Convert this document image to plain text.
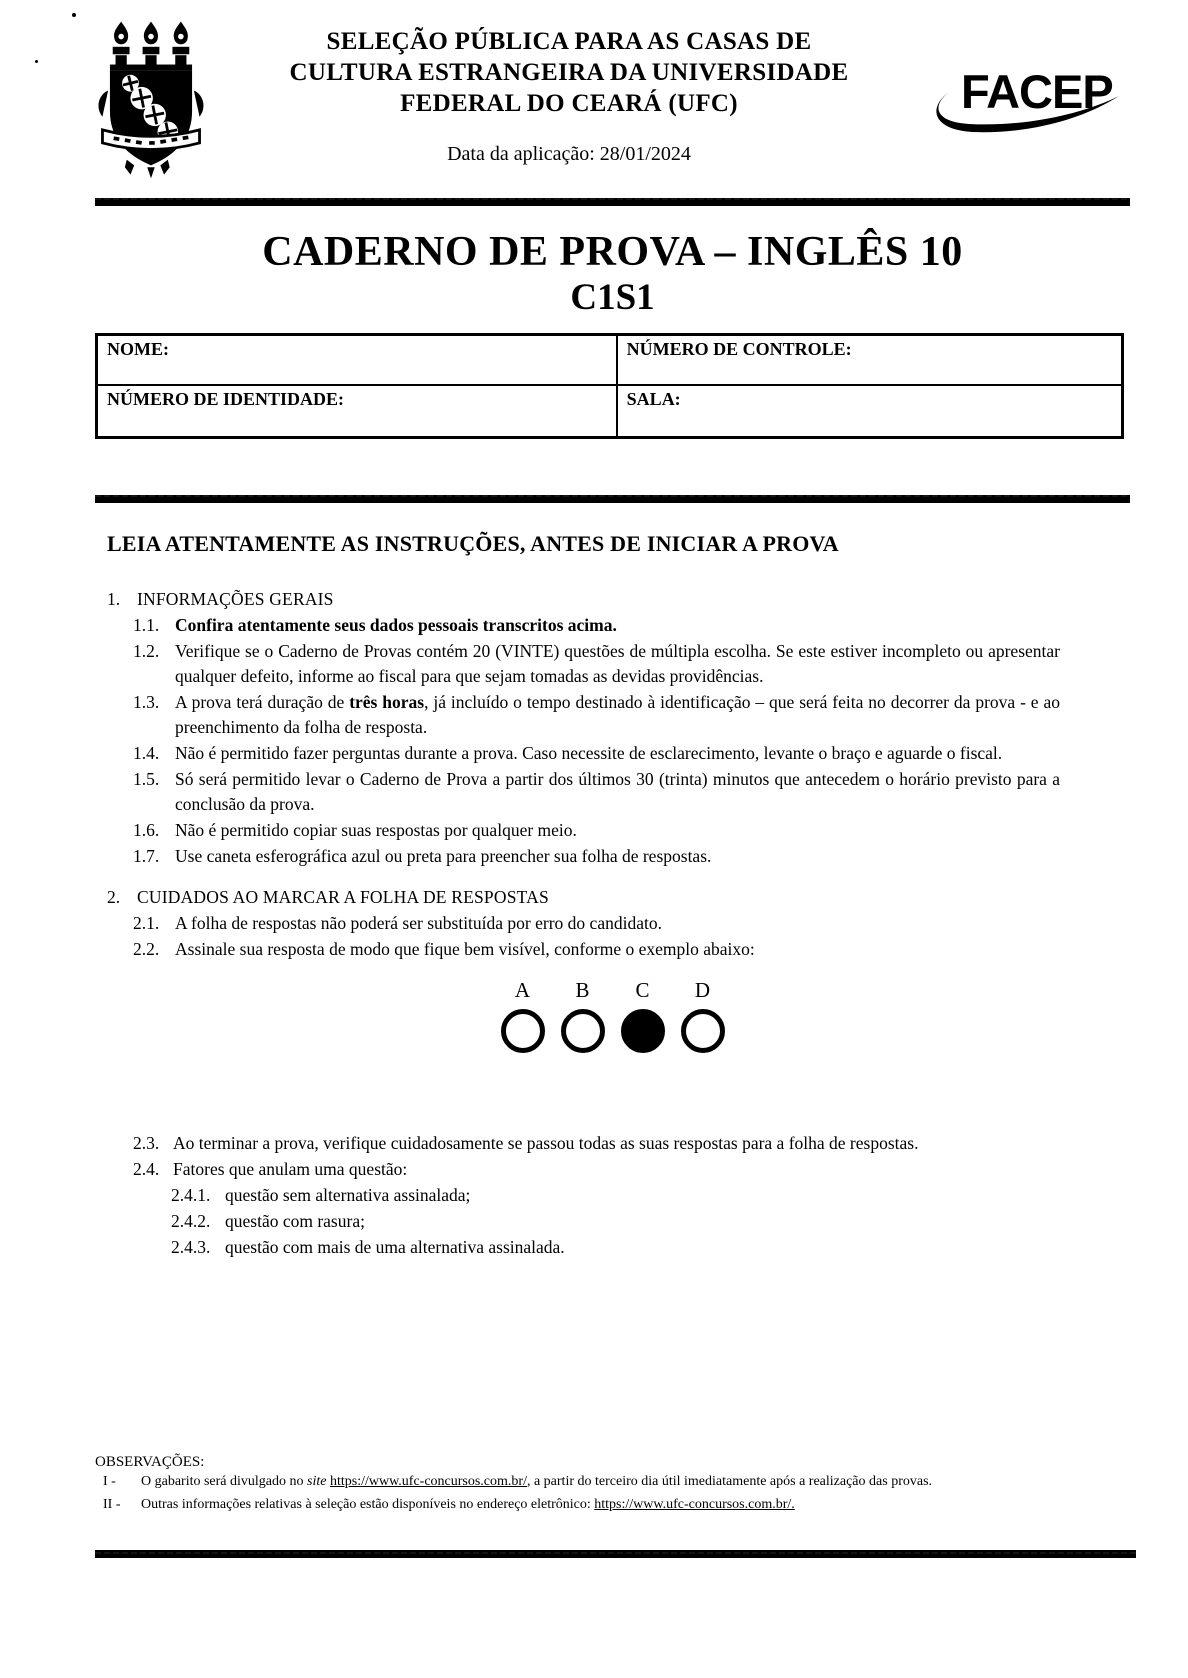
SELEÇÃO PÚBLICA PARA AS CASAS DE
CULTURA ESTRANGEIRA DA UNIVERSIDADE
FEDERAL DO CEARÁ (UFC)
Data da aplicação: 28/01/2024
FACEP
CADERNO DE PROVA – INGLÊS 10
C1S1
NOME:	NÚMERO DE CONTROLE:
NÚMERO DE IDENTIDADE:	SALA:
LEIA ATENTAMENTE AS INSTRUÇÕES, ANTES DE INICIAR A PROVA
1. INFORMAÇÕES GERAIS
1.1. Confira atentamente seus dados pessoais transcritos acima.
1.2. Verifique se o Caderno de Provas contém 20 (VINTE) questões de múltipla escolha. Se este estiver incompleto ou apresentar qualquer defeito, informe ao fiscal para que sejam tomadas as devidas providências.
1.3. A prova terá duração de três horas, já incluído o tempo destinado à identificação – que será feita no decorrer da prova - e ao preenchimento da folha de resposta.
1.4. Não é permitido fazer perguntas durante a prova. Caso necessite de esclarecimento, levante o braço e aguarde o fiscal.
1.5. Só será permitido levar o Caderno de Prova a partir dos últimos 30 (trinta) minutos que antecedem o horário previsto para a conclusão da prova.
1.6. Não é permitido copiar suas respostas por qualquer meio.
1.7. Use caneta esferográfica azul ou preta para preencher sua folha de respostas.
2. CUIDADOS AO MARCAR A FOLHA DE RESPOSTAS
2.1. A folha de respostas não poderá ser substituída por erro do candidato.
2.2. Assinale sua resposta de modo que fique bem visível, conforme o exemplo abaixo:
A	B	C	D
2.3. Ao terminar a prova, verifique cuidadosamente se passou todas as suas respostas para a folha de respostas.
2.4. Fatores que anulam uma questão:
2.4.1. questão sem alternativa assinalada;
2.4.2. questão com rasura;
2.4.3. questão com mais de uma alternativa assinalada.
OBSERVAÇÕES:
I -	O gabarito será divulgado no site https://www.ufc-concursos.com.br/, a partir do terceiro dia útil imediatamente após a realização das provas.
II -	Outras informações relativas à seleção estão disponíveis no endereço eletrônico: https://www.ufc-concursos.com.br/.
